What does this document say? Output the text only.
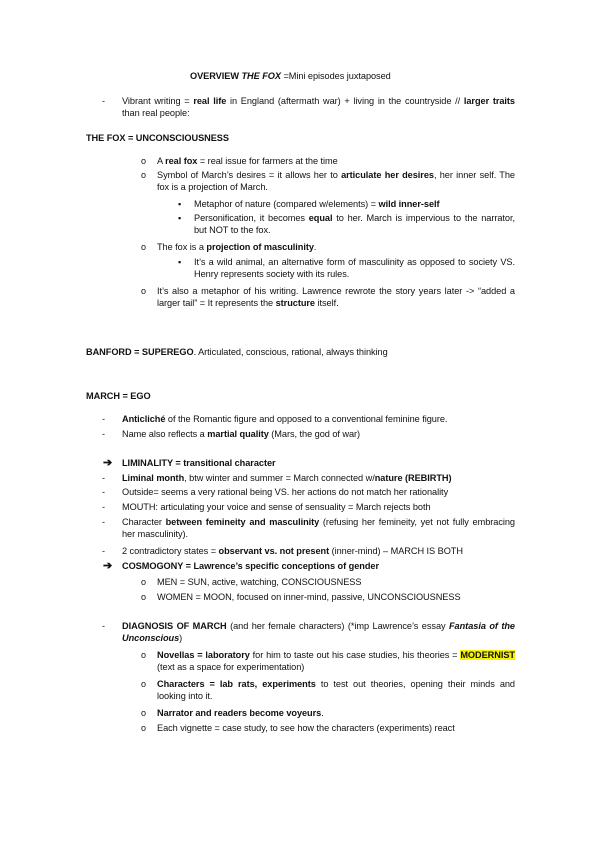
OVERVIEW THE FOX =Mini episodes juxtaposed
- Vibrant writing = real life in England (aftermath war) + living in the countryside // larger traits than real people:
THE FOX = UNCONSCIOUSNESS
o A real fox = real issue for farmers at the time
o Symbol of March’s desires = it allows her to articulate her desires, her inner self. The fox is a projection of March.
▪ Metaphor of nature (compared w/elements) = wild inner-self
▪ Personification, it becomes equal to her. March is impervious to the narrator, but NOT to the fox.
o The fox is a projection of masculinity.
▪ It’s a wild animal, an alternative form of masculinity as opposed to society VS. Henry represents society with its rules.
o It’s also a metaphor of his writing. Lawrence rewrote the story years later -> “added a larger tail” = It represents the structure itself.
BANFORD = SUPEREGO. Articulated, conscious, rational, always thinking
MARCH = EGO
- Anticliché of the Romantic figure and opposed to a conventional feminine figure.
- Name also reflects a martial quality (Mars, the god of war)
➔ LIMINALITY = transitional character
- Liminal month, btw winter and summer = March connected w/nature (REBIRTH)
- Outside= seems a very rational being VS. her actions do not match her rationality
- MOUTH: articulating your voice and sense of sensuality = March rejects both
- Character between femineity and masculinity (refusing her femineity, yet not fully embracing her masculinity).
- 2 contradictory states = observant vs. not present (inner-mind) – MARCH IS BOTH
➔ COSMOGONY = Lawrence’s specific conceptions of gender
o MEN = SUN, active, watching, CONSCIOUSNESS
o WOMEN = MOON, focused on inner-mind, passive, UNCONSCIOUSNESS
- DIAGNOSIS OF MARCH (and her female characters) (*imp Lawrence’s essay Fantasia of the Unconscious)
o Novellas = laboratory for him to taste out his case studies, his theories = MODERNIST (text as a space for experimentation)
o Characters = lab rats, experiments to test out theories, opening their minds and looking into it.
o Narrator and readers become voyeurs.
o Each vignette = case study, to see how the characters (experiments) react
